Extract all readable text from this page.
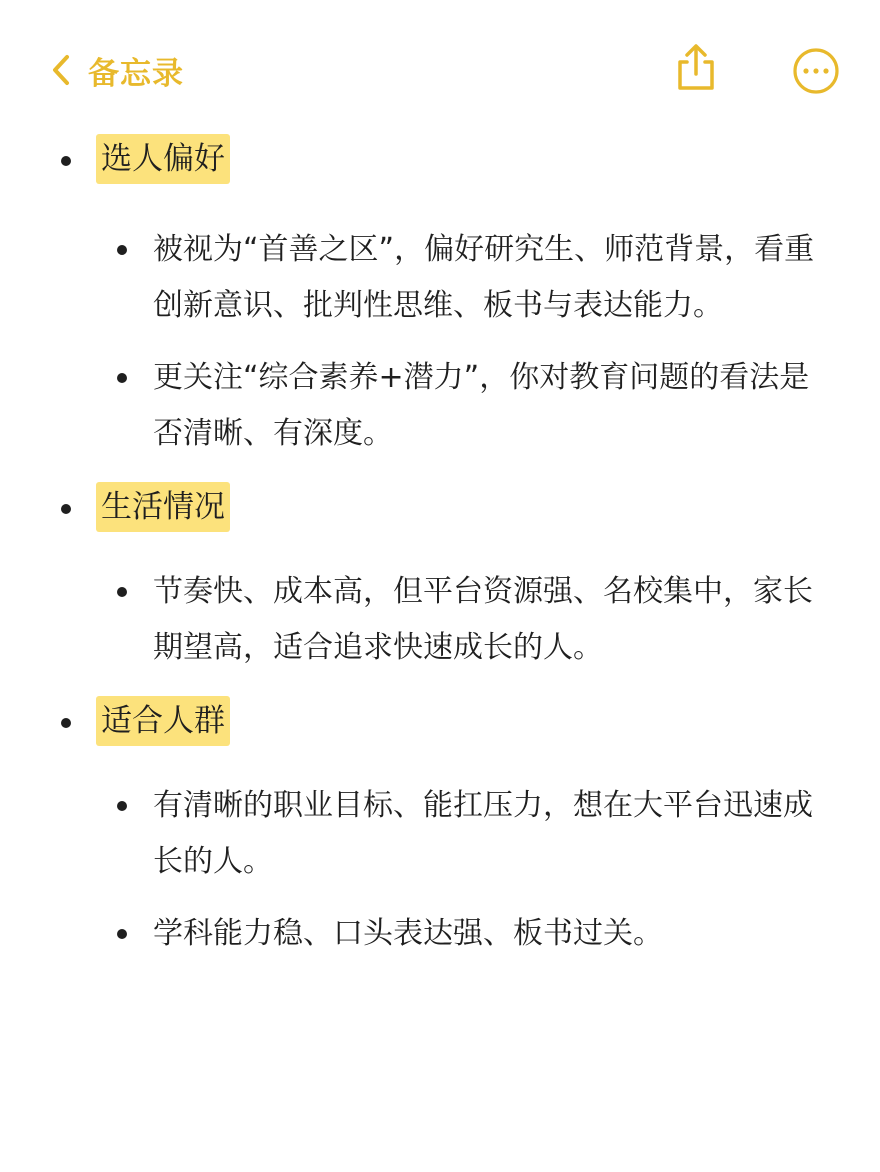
备忘录
选人偏好
被视为“首善之区”，偏好研究生、师范背景，看重创新意识、批判性思维、板书与表达能力。
更关注“综合素养+潜力”，你对教育问题的看法是否清晰、有深度。
生活情况
节奏快、成本高，但平台资源强、名校集中，家长期望高，适合追求快速成长的人。
适合人群
有清晰的职业目标、能扛压力，想在大平台迅速成长的人。
学科能力稳、口头表达强、板书过关。
